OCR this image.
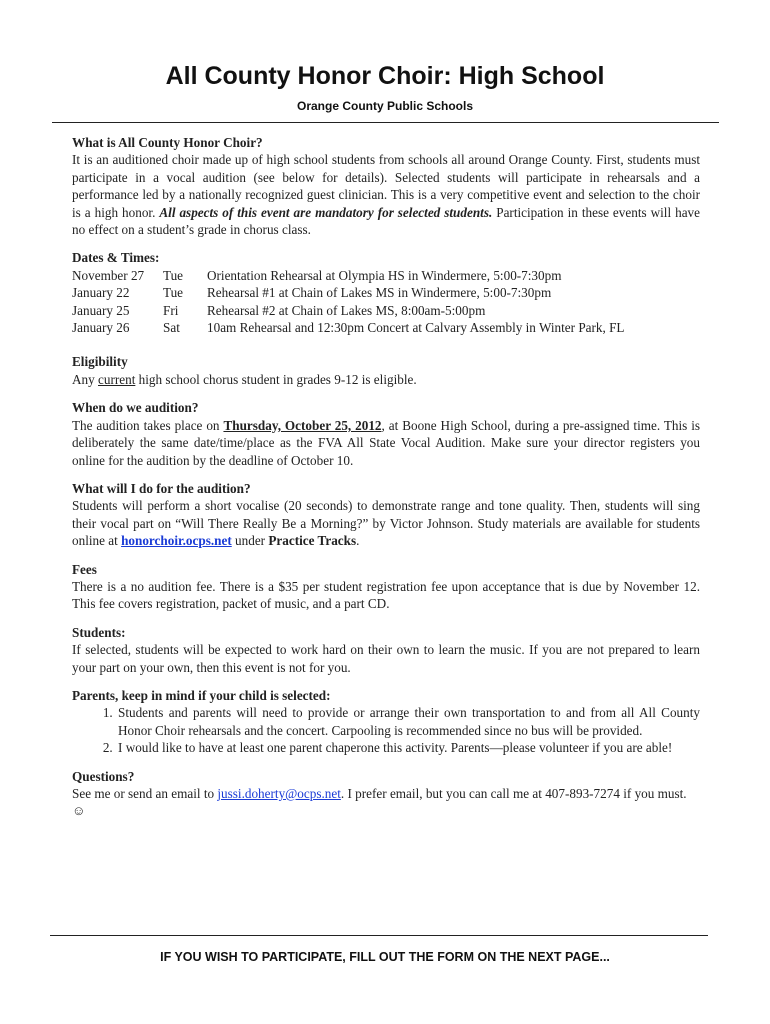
All County Honor Choir: High School
Orange County Public Schools
What is All County Honor Choir?
It is an auditioned choir made up of high school students from schools all around Orange County. First, students must participate in a vocal audition (see below for details). Selected students will participate in rehearsals and a performance led by a nationally recognized guest clinician. This is a very competitive event and selection to the choir is a high honor. All aspects of this event are mandatory for selected students. Participation in these events will have no effect on a student’s grade in chorus class.
Dates & Times:
November 27	Tue	Orientation Rehearsal at Olympia HS in Windermere, 5:00-7:30pm
January 22	Tue	Rehearsal #1 at Chain of Lakes MS in Windermere, 5:00-7:30pm
January 25	Fri	Rehearsal #2 at Chain of Lakes MS, 8:00am-5:00pm
January 26	Sat	10am Rehearsal and 12:30pm Concert at Calvary Assembly in Winter Park, FL
Eligibility
Any current high school chorus student in grades 9-12 is eligible.
When do we audition?
The audition takes place on Thursday, October 25, 2012, at Boone High School, during a pre-assigned time. This is deliberately the same date/time/place as the FVA All State Vocal Audition. Make sure your director registers you online for the audition by the deadline of October 10.
What will I do for the audition?
Students will perform a short vocalise (20 seconds) to demonstrate range and tone quality. Then, students will sing their vocal part on “Will There Really Be a Morning?” by Victor Johnson. Study materials are available for students online at honorchoir.ocps.net under Practice Tracks.
Fees
There is a no audition fee. There is a $35 per student registration fee upon acceptance that is due by November 12. This fee covers registration, packet of music, and a part CD.
Students:
If selected, students will be expected to work hard on their own to learn the music. If you are not prepared to learn your part on your own, then this event is not for you.
Parents, keep in mind if your child is selected:
1. Students and parents will need to provide or arrange their own transportation to and from all All County Honor Choir rehearsals and the concert. Carpooling is recommended since no bus will be provided.
2. I would like to have at least one parent chaperone this activity. Parents—please volunteer if you are able!
Questions?
See me or send an email to jussi.doherty@ocps.net. I prefer email, but you can call me at 407-893-7274 if you must. ☺
IF YOU WISH TO PARTICIPATE, FILL OUT THE FORM ON THE NEXT PAGE...
